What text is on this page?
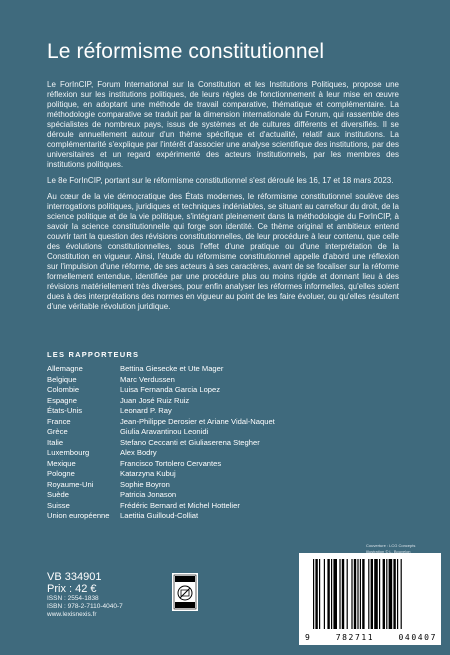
Le réformisme constitutionnel

Le ForInCIP, Forum International sur la Constitution et les Institutions Politiques, propose une réflexion sur les institutions politiques, de leurs règles de fonctionnement à leur mise en œuvre politique, en adoptant une méthode de travail comparative, thématique et complémentaire. La méthodologie comparative se traduit par la dimension internationale du Forum, qui rassemble des spécialistes de nombreux pays, issus de systèmes et de cultures différents et diversifiés. Il se déroule annuellement autour d'un thème spécifique et d'actualité, relatif aux institutions. La complémentarité s'explique par l'intérêt d'associer une analyse scientifique des institutions, par des universitaires et un regard expérimenté des acteurs institutionnels, par les membres des institutions politiques.

Le 8e ForInCIP, portant sur le réformisme constitutionnel s'est déroulé les 16, 17 et 18 mars 2023.

Au cœur de la vie démocratique des États modernes, le réformisme constitutionnel soulève des interrogations politiques, juridiques et techniques indéniables, se situant au carrefour du droit, de la science politique et de la vie politique, s'intégrant pleinement dans la méthodologie du ForInCIP, à savoir la science constitutionnelle qui forge son identité. Ce thème original et ambitieux entend couvrir tant la question des révisions constitutionnelles, de leur procédure à leur contenu, que celle des évolutions constitutionnelles, sous l'effet d'une pratique ou d'une interprétation de la Constitution en vigueur. Ainsi, l'étude du réformisme constitutionnel appelle d'abord une réflexion sur l'impulsion d'une réforme, de ses acteurs à ses caractères, avant de se focaliser sur la réforme formellement entendue, identifiée par une procédure plus ou moins rigide et donnant lieu à des révisions matériellement très diverses, pour enfin analyser les réformes informelles, qu'elles soient dues à des interprétations des normes en vigueur au point de les faire évoluer, ou qu'elles résultent d'une véritable révolution juridique.

LES RAPPORTEURS
Allemagne	Bettina Giesecke et Ute Mager
Belgique	Marc Verdussen
Colombie	Luisa Fernanda Garcia Lopez
Espagne	Juan José Ruiz Ruiz
États-Unis	Leonard P. Ray
France	Jean-Philippe Derosier et Ariane Vidal-Naquet
Grèce	Giulia Aravantinou Leonidi
Italie	Stefano Ceccanti et Giuliaserena Stegher
Luxembourg	Alex Bodry
Mexique	Francisco Tortolero Cervantes
Pologne	Katarzyna Kubuj
Royaume-Uni	Sophie Boyron
Suède	Patricia Jonason
Suisse	Frédéric Bernard et Michel Hottelier
Union européenne	Laetitia Guilloud-Colliat
Couverture : LCG Concepts
Illustration © L. Bouvelon
VB 334901
Prix : 42 €
ISSN : 2554-1838
ISBN : 978-2-7110-4040-7
www.lexisnexis.fr
9	782711	040407
